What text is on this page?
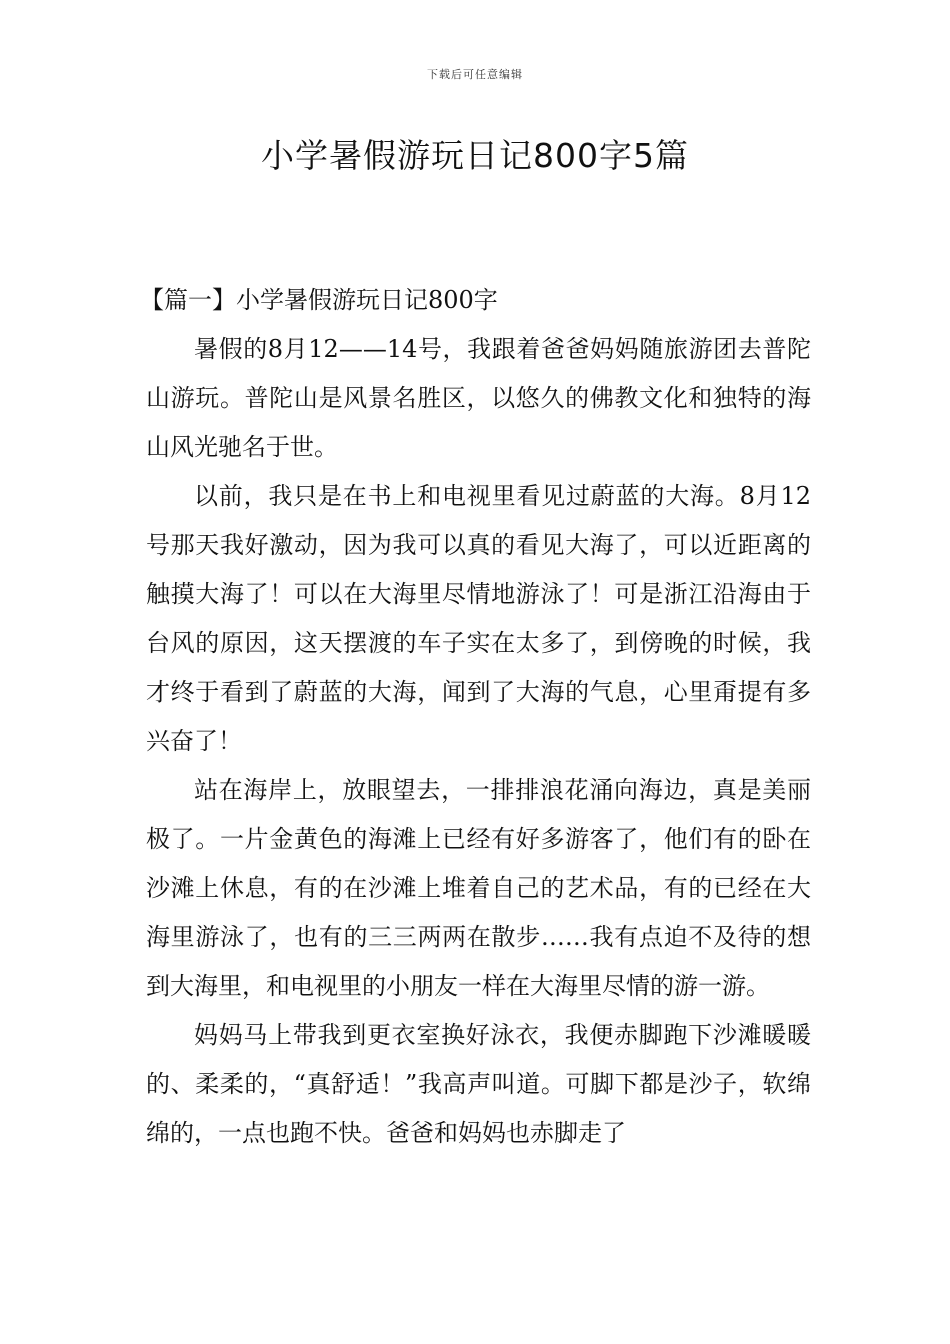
下载后可任意编辑
小学暑假游玩日记800字5篇
【篇一】小学暑假游玩日记800字

暑假的8月12——14号，我跟着爸爸妈妈随旅游团去普陀山游玩。普陀山是风景名胜区，以悠久的佛教文化和独特的海山风光驰名于世。

以前，我只是在书上和电视里看见过蔚蓝的大海。8月12号那天我好激动，因为我可以真的看见大海了，可以近距离的触摸大海了！可以在大海里尽情地游泳了！可是浙江沿海由于台风的原因，这天摆渡的车子实在太多了，到傍晚的时候，我才终于看到了蔚蓝的大海，闻到了大海的气息，心里甭提有多兴奋了！

站在海岸上，放眼望去，一排排浪花涌向海边，真是美丽极了。一片金黄色的海滩上已经有好多游客了，他们有的卧在沙滩上休息，有的在沙滩上堆着自己的艺术品，有的已经在大海里游泳了，也有的三三两两在散步……我有点迫不及待的想到大海里，和电视里的小朋友一样在大海里尽情的游一游。

妈妈马上带我到更衣室换好泳衣，我便赤脚跑下沙滩暖暖的、柔柔的，“真舒适！”我高声叫道。可脚下都是沙子，软绵绵的，一点也跑不快。爸爸和妈妈也赤脚走了
